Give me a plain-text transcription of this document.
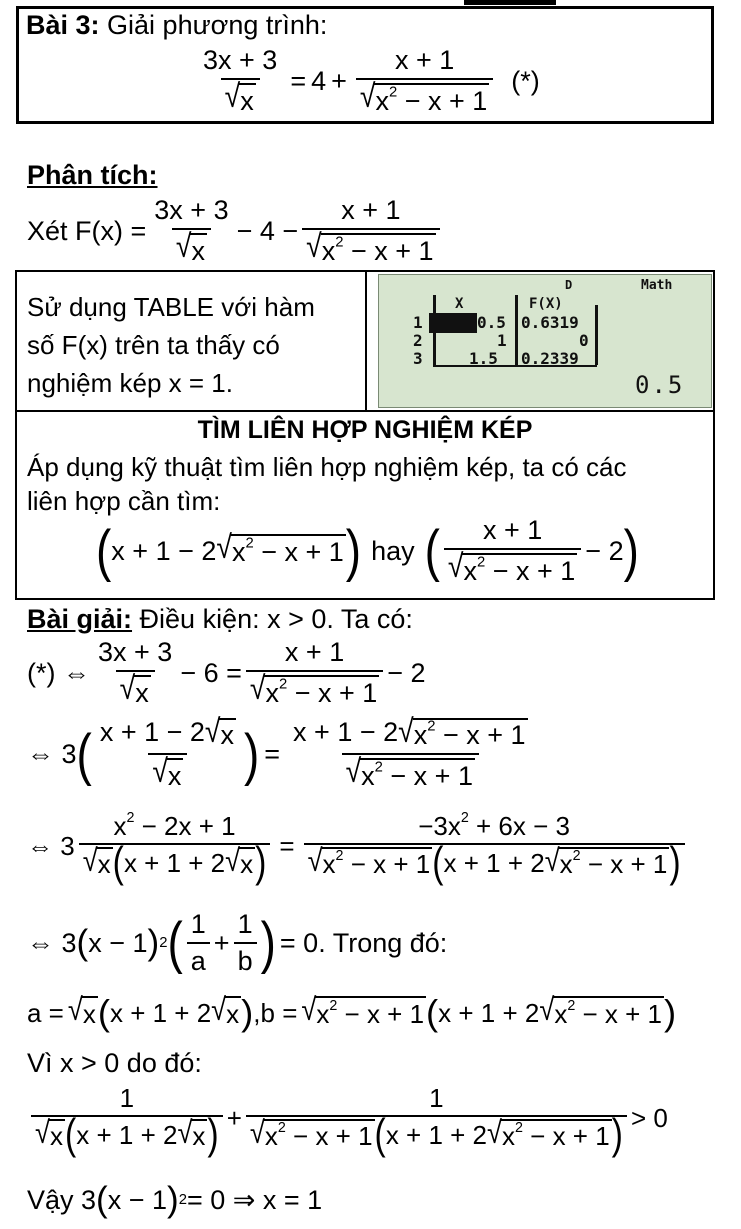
Bài 3: Giải phương trình:
$\frac{3x + 3}{√ x} = 4 + \frac{x + 1}{√ x^2 - x + 1}$ (*)
Phân tích:
Xét $F(x) = \frac{3x + 3}{√ x} - 4 - \frac{x + 1}{√ x^2 - x + 1}$
Sử dụng TABLE với hàm
số F(x) trên ta thấy có
nghiệm kép x = 1.
D	Math
X	F(X)
1	0.5 0.6319
2	1	0
3	1.5 0.2339
0.5
TÌM LIÊN HỢP NGHIỆM KÉP
Áp dụng kỹ thuật tìm liên hợp nghiệm kép, ta có các
liên hợp cần tìm:
( x + 1 − 2 √ $x^2 - x + 1$ ) hay ( $\frac{x + 1}{√ x^2 - x + 1} - 2$ )
Bài giải: Điều kiện: x > 0. Ta có:
(*) ⇔ $\frac{3x + 3}{√ x} - 6 = \frac{x + 1}{√ x^2 - x + 1} - 2$
⇔ 3 ( $\frac{x + 1 - 2 √ x}{√ x}$ ) = $\frac{x + 1 - 2 √ x^2 - x + 1}{√ x^2 - x + 1}$
⇔ $3 \frac{x^2 - 2x + 1}{√ x ( x + 1 + 2 √ x )} = \frac{-3x^2 + 6x - 3}{√ x^2 - x + 1 ( x + 1 + 2 √ x^2 - x + 1 )}$
⇔ 3 ( x − 1 ) 2 ( $\frac{1}{a} + \frac{1}{b}$ ) = 0. Trong đó:
a = √ x ( x + 1 + 2 √ x ) ,b = √ $x^2 - x + 1$ ( x + 1 + 2 √ $x^2 - x + 1$ )
Vì x > 0 do đó:
$\frac{1}{√ x ( x + 1 + 2 √ x )} + \frac{1}{√ x^2 - x + 1 ( x + 1 + 2 √ x^2 - x + 1 )} > 0$
Vậy 3 ( x − 1 ) 2 = 0 ⇒ x = 1
